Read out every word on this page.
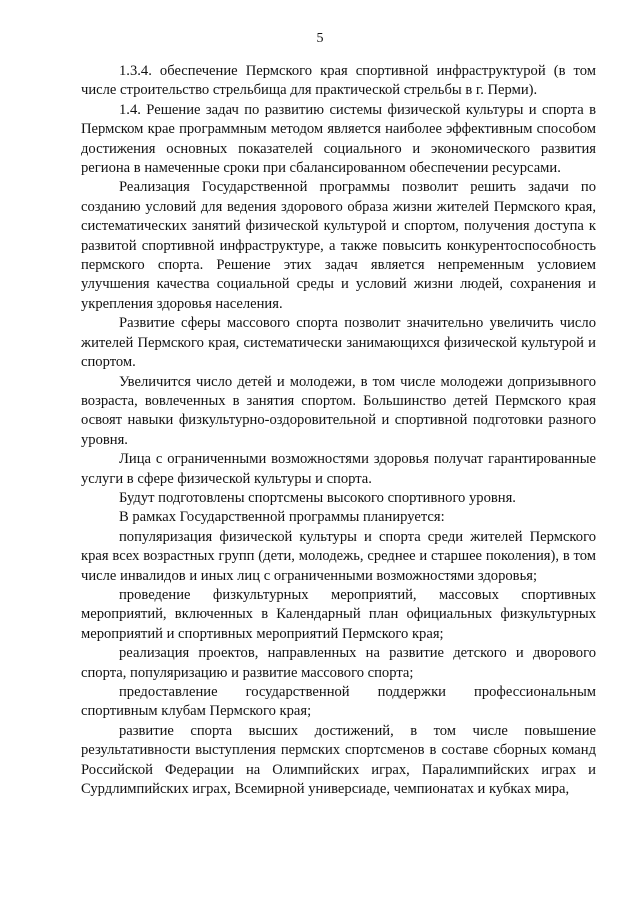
5

1.3.4. обеспечение Пермского края спортивной инфраструктурой (в том числе строительство стрельбища для практической стрельбы в г. Перми).

1.4. Решение задач по развитию системы физической культуры и спорта в Пермском крае программным методом является наиболее эффективным способом достижения основных показателей социального и экономического развития региона в намеченные сроки при сбалансированном обеспечении ресурсами.

Реализация Государственной программы позволит решить задачи по созданию условий для ведения здорового образа жизни жителей Пермского края, систематических занятий физической культурой и спортом, получения доступа к развитой спортивной инфраструктуре, а также повысить конкурентоспособность пермского спорта. Решение этих задач является непременным условием улучшения качества социальной среды и условий жизни людей, сохранения и укрепления здоровья населения.

Развитие сферы массового спорта позволит значительно увеличить число жителей Пермского края, систематически занимающихся физической культурой и спортом.

Увеличится число детей и молодежи, в том числе молодежи допризывного возраста, вовлеченных в занятия спортом. Большинство детей Пермского края освоят навыки физкультурно-оздоровительной и спортивной подготовки разного уровня.

Лица с ограниченными возможностями здоровья получат гарантированные услуги в сфере физической культуры и спорта.

Будут подготовлены спортсмены высокого спортивного уровня.

В рамках Государственной программы планируется:

популяризация физической культуры и спорта среди жителей Пермского края всех возрастных групп (дети, молодежь, среднее и старшее поколения), в том числе инвалидов и иных лиц с ограниченными возможностями здоровья;

проведение физкультурных мероприятий, массовых спортивных мероприятий, включенных в Календарный план официальных физкультурных мероприятий и спортивных мероприятий Пермского края;

реализация проектов, направленных на развитие детского и дворового спорта, популяризацию и развитие массового спорта;

предоставление государственной поддержки профессиональным спортивным клубам Пермского края;

развитие спорта высших достижений, в том числе повышение результативности выступления пермских спортсменов в составе сборных команд Российской Федерации на Олимпийских играх, Паралимпийских играх и Сурдлимпийских играх, Всемирной универсиаде, чемпионатах и кубках мира,
